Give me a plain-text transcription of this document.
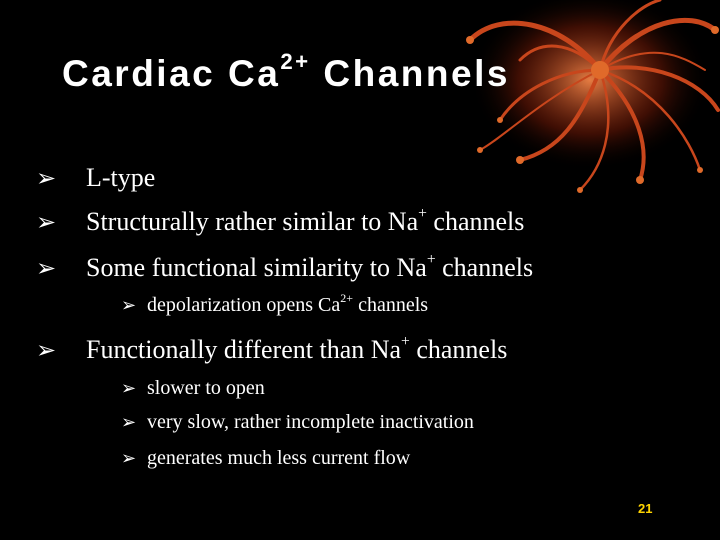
Cardiac $Ca^{2+}$ Channels
➢ L-type
➢ Structurally rather similar to Na+ channels
➢ Some functional similarity to Na+ channels
➢ depolarization opens $Ca^{2+}$ channels
➢ Functionally different than Na+ channels
➢ slower to open
➢ very slow, rather incomplete inactivation
➢ generates much less current flow
21
